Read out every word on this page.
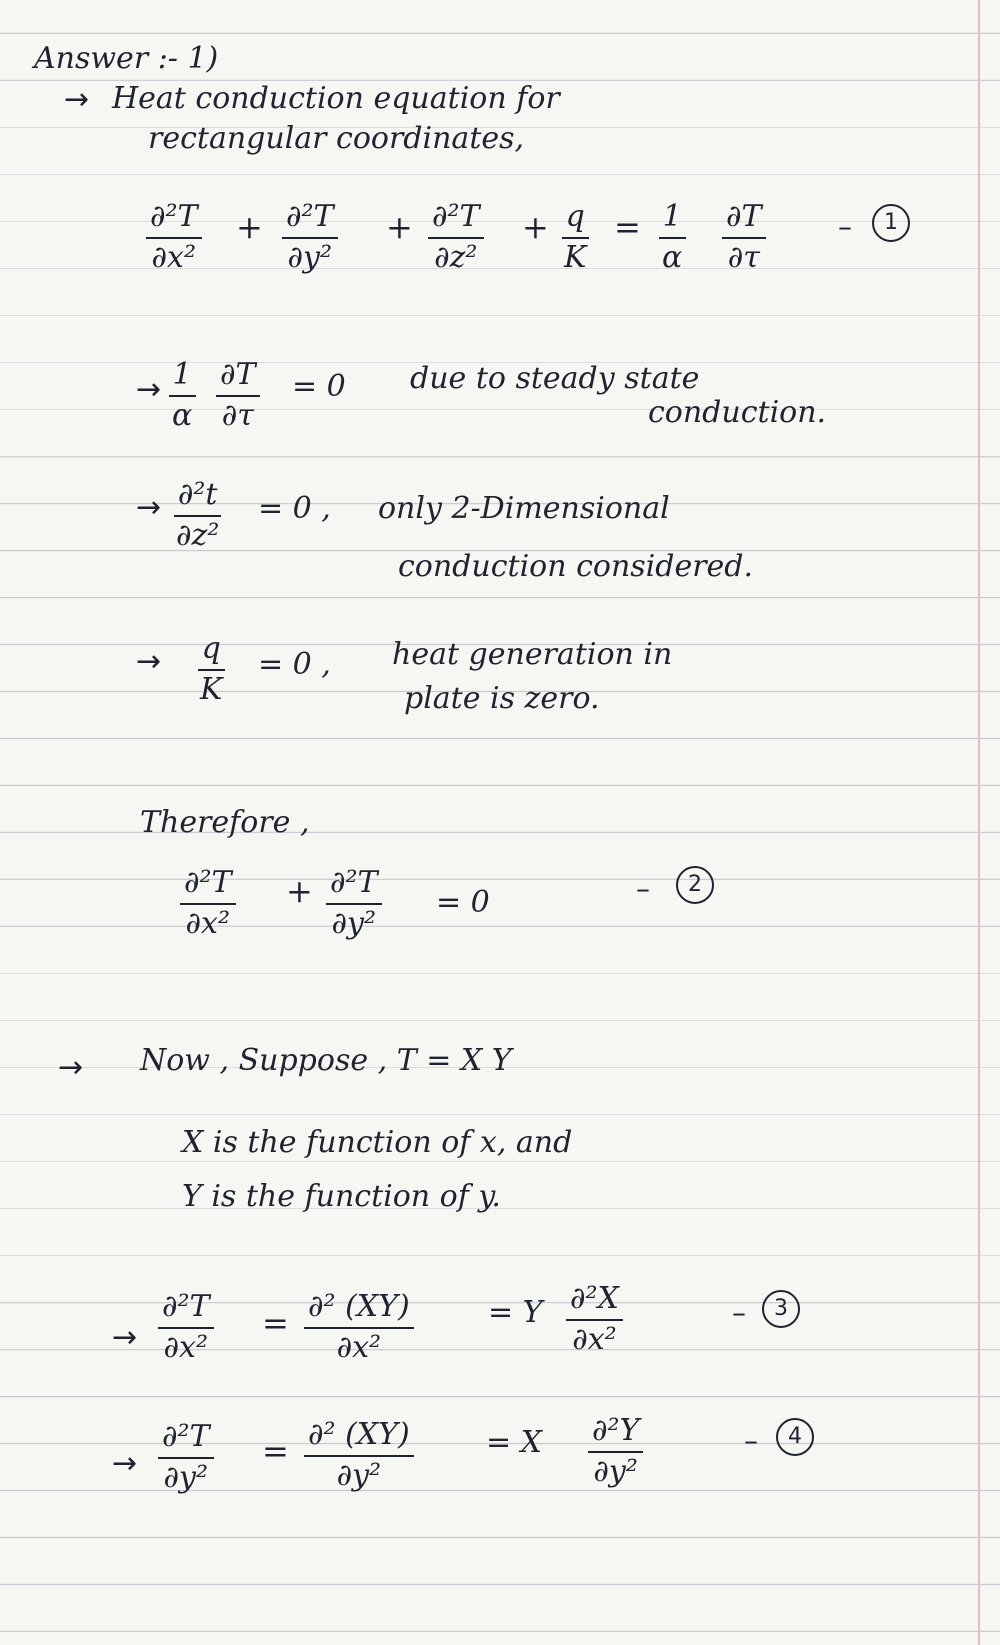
Answer :- 1)
→ Heat conduction equation for
rectangular coordinates,
$\frac{\text{∂²T}}{\text{∂x²}} + \frac{\text{∂²T}}{\text{∂y²}} + \frac{\text{∂²T}}{\text{∂z²}} + \frac{q}{K} = \frac{1}{\alpha} \frac{\partial T}{\partial\tau}$	–	1
→ $\frac{1}{\alpha} \frac{\partial T}{\partial\tau} = 0$ due to steady state
conduction.
→ $\frac{\text{∂²t}}{\text{∂z²}} = 0$ , only 2-Dimensional
conduction considered.
→ $\frac{q}{K} = 0$ , heat generation in
plate is zero.
Therefore ,
$\frac{\text{∂²T}}{\text{∂x²}} + \frac{\text{∂²T}}{\text{∂y²}} = 0$	–	2
→ Now , Suppose , T = X Y
X is the function of x, and
Y is the function of y.
→ $\frac{\text{∂²T}}{\text{∂x²}} = \frac{\text{∂² (XY)}}{\text{∂x²}} = Y \frac{\text{∂²X}}{\text{∂x²}}$	–	3
→ $\frac{\text{∂²T}}{\text{∂y²}} = \frac{\text{∂² (XY)}}{\text{∂y²}} = X \frac{\text{∂²Y}}{\text{∂y²}}$	–	4
